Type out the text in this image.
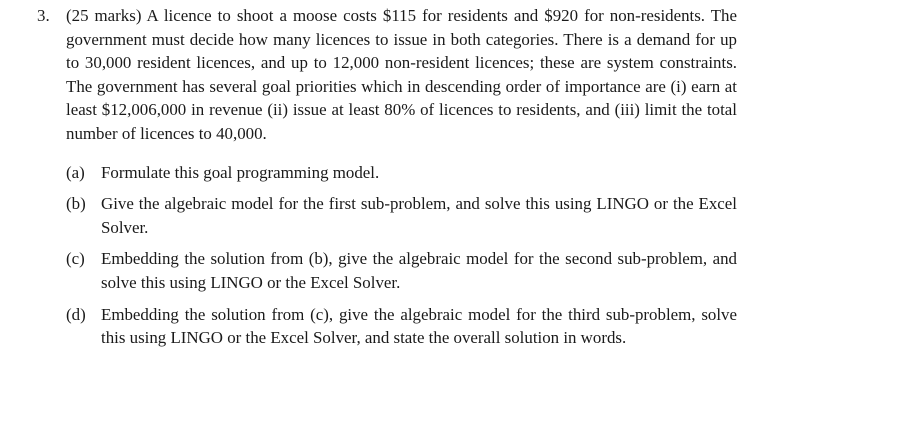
3. (25 marks) A licence to shoot a moose costs $115 for residents and $920 for non-residents. The government must decide how many licences to issue in both categories. There is a demand for up to 30,000 resident licences, and up to 12,000 non-resident licences; these are system constraints. The government has several goal priorities which in descending order of importance are (i) earn at least $12,006,000 in revenue (ii) issue at least 80% of licences to residents, and (iii) limit the total number of licences to 40,000.
(a) Formulate this goal programming model.
(b) Give the algebraic model for the first sub-problem, and solve this using LINGO or the Excel Solver.
(c) Embedding the solution from (b), give the algebraic model for the second sub-problem, and solve this using LINGO or the Excel Solver.
(d) Embedding the solution from (c), give the algebraic model for the third sub-problem, solve this using LINGO or the Excel Solver, and state the overall solution in words.
